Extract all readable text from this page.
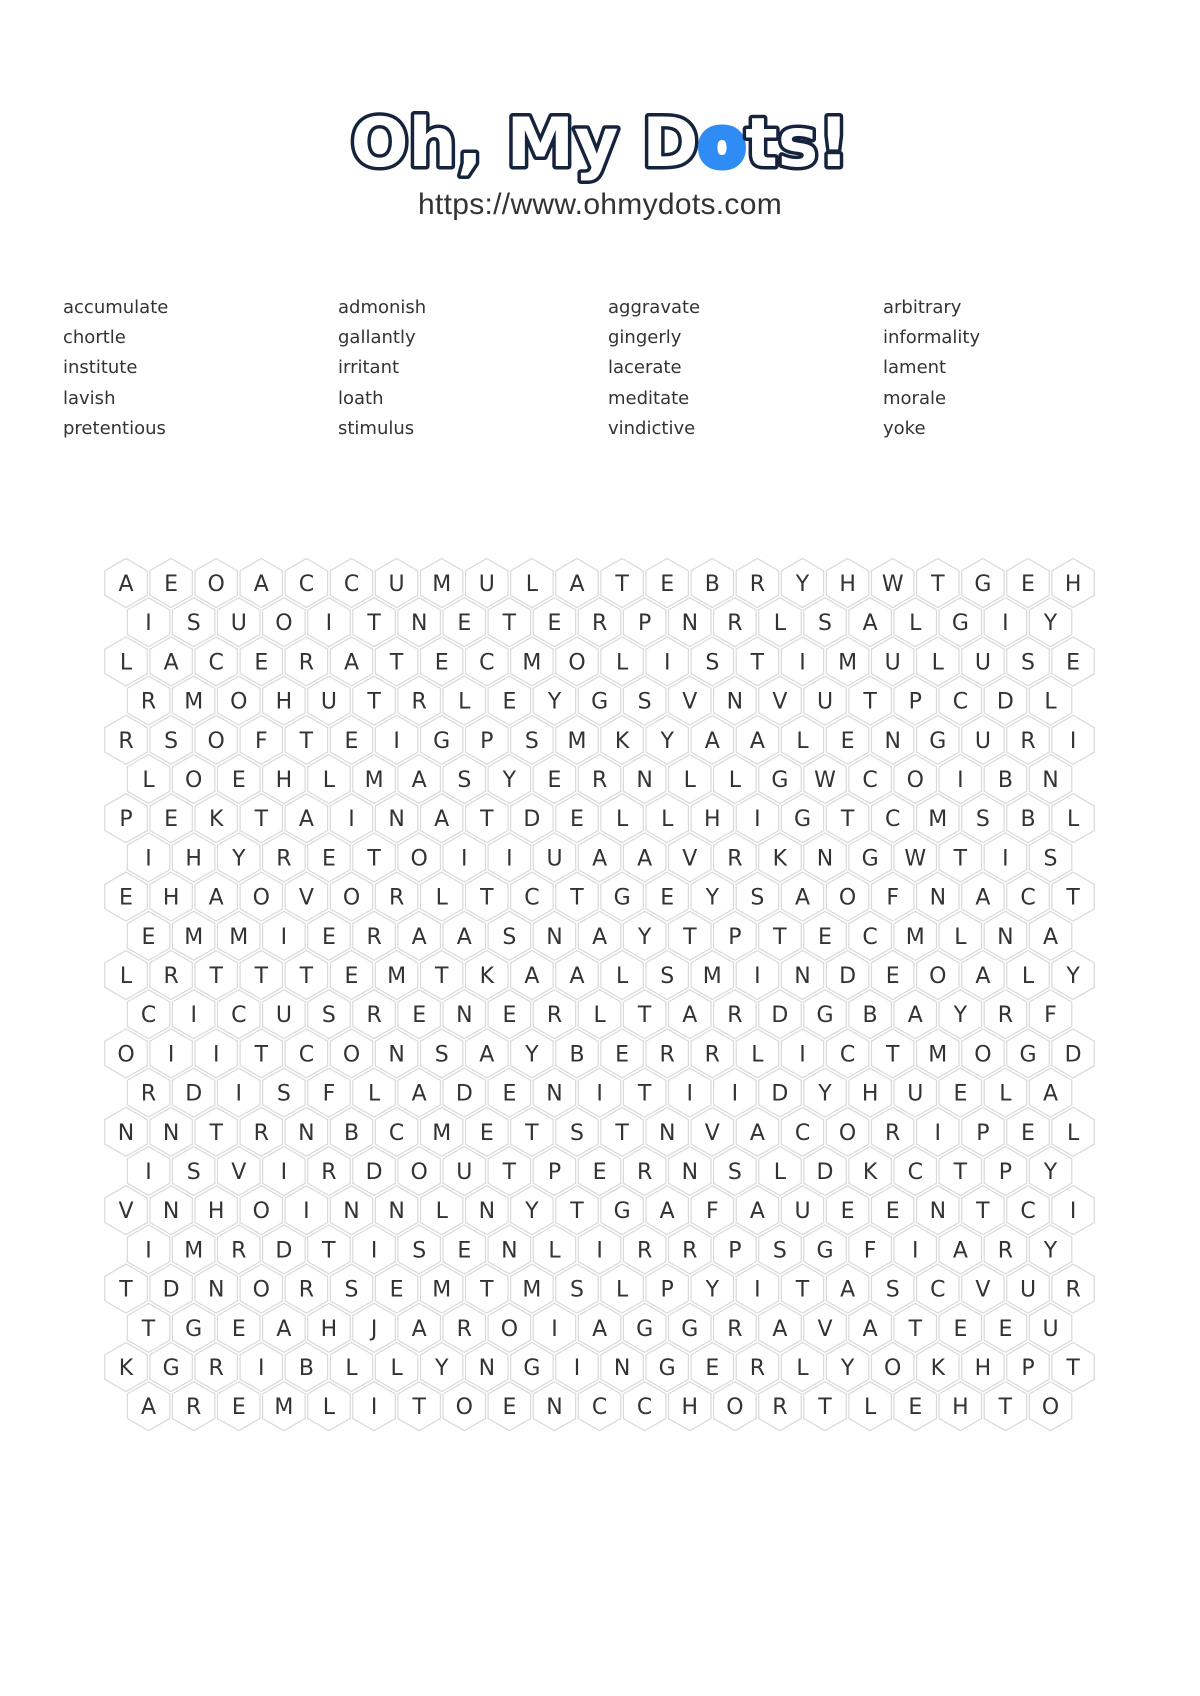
Oh, My Dots!
https://www.ohmydots.com
accumulate	admonish	aggravate	arbitrary
chortle	gallantly	gingerly	informality
institute	irritant	lacerate	lament
lavish	loath	meditate	morale
pretentious	stimulus	vindictive	yoke
A E O A C C U M U L A T E B R Y H W T G E H
I S U O I T N E T E R P N R L S A L G I Y
L A C E R A T E C M O L I S T I M U L U S E
R M O H U T R L E Y G S V N V U T P C D L
R S O F T E I G P S M K Y A A L E N G U R I
L O E H L M A S Y E R N L L G W C O I B N
P E K T A I N A T D E L L H I G T C M S B L
I H Y R E T O I I U A A V R K N G W T I S
E H A O V O R L T C T G E Y S A O F N A C T
E M M I E R A A S N A Y T P T E C M L N A
L R T T T E M T K A A L S M I N D E O A L Y
C I C U S R E N E R L T A R D G B A Y R F
O I I T C O N S A Y B E R R L I C T M O G D
R D I S F L A D E N I T I I D Y H U E L A
N N T R N B C M E T S T N V A C O R I P E L
I S V I R D O U T P E R N S L D K C T P Y
V N H O I N N L N Y T G A F A U E E N T C I
I M R D T I S E N L I R R P S G F I A R Y
T D N O R S E M T M S L P Y I T A S C V U R
T G E A H J A R O I A G G R A V A T E E U
K G R I B L L Y N G I N G E R L Y O K H P T
A R E M L I T O E N C C H O R T L E H T O
